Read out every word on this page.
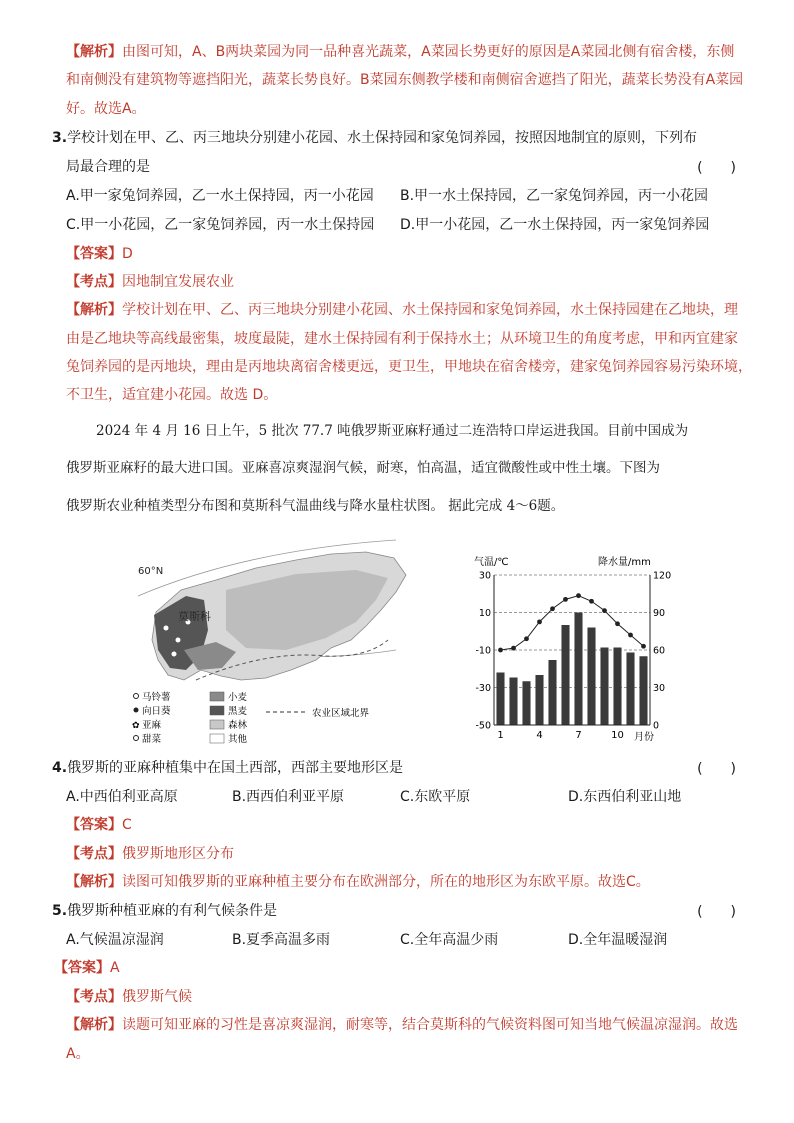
【解析】由图可知，A、B两块菜园为同一品种喜光蔬菜，A菜园长势更好的原因是A菜园北侧有宿舍楼，东侧
和南侧没有建筑物等遮挡阳光，蔬菜长势良好。B菜园东侧教学楼和南侧宿舍遮挡了阳光，蔬菜长势没有A菜园
好。故选A。
3.学校计划在甲、乙、丙三地块分别建小花园、水土保持园和家兔饲养园，按照因地制宜的原则，下列布
局最合理的是	(　　)
A.甲一家兔饲养园，乙一水土保持园，丙一小花园 B.甲一水土保持园，乙一家兔饲养园，丙一小花园
C.甲一小花园，乙一家兔饲养园，丙一水土保持园 D.甲一小花园，乙一水土保持园，丙一家兔饲养园
【答案】D
【考点】因地制宜发展农业
【解析】学校计划在甲、乙、丙三地块分别建小花园、水土保持园和家兔饲养园，水土保持园建在乙地块，理
由是乙地块等高线最密集，坡度最陡，建水土保持园有利于保持水土；从环境卫生的角度考虑，甲和丙宜建家
兔饲养园的是丙地块，理由是丙地块离宿舍楼更远，更卫生，甲地块在宿舍楼旁，建家兔饲养园容易污染环境，
不卫生，适宜建小花园。故选 D。
2024 年 4 月 16 日上午，5 批次 77.7 吨俄罗斯亚麻籽通过二连浩特口岸运进我国。目前中国成为
俄罗斯亚麻籽的最大进口国。亚麻喜凉爽湿润气候，耐寒，怕高温，适宜微酸性或中性土壤。下图为
俄罗斯农业种植类型分布图和莫斯科气温曲线与降水量柱状图。 据此完成 4～6题。
60°N
莫斯科
马铃薯
向日葵
✿ 亚麻
甜菜
小麦
黑麦
森林
其他
农业区域北界
气温/℃	降水量/mm
30	120
10	90
-10	60
-30	30
-50	0
1	4	7	10 月份
4.俄罗斯的亚麻种植集中在国土西部，西部主要地形区是	(　　)
A.中西伯利亚高原	B.西西伯利亚平原	C.东欧平原	D.东西伯利亚山地
【答案】C
【考点】俄罗斯地形区分布
【解析】读图可知俄罗斯的亚麻种植主要分布在欧洲部分，所在的地形区为东欧平原。故选C。
5.俄罗斯种植亚麻的有利气候条件是	(　　)
A.气候温凉湿润	B.夏季高温多雨	C.全年高温少雨	D.全年温暖湿润
【答案】A
【考点】俄罗斯气候
【解析】读题可知亚麻的习性是喜凉爽湿润，耐寒等，结合莫斯科的气候资料图可知当地气候温凉湿润。故选
A。
